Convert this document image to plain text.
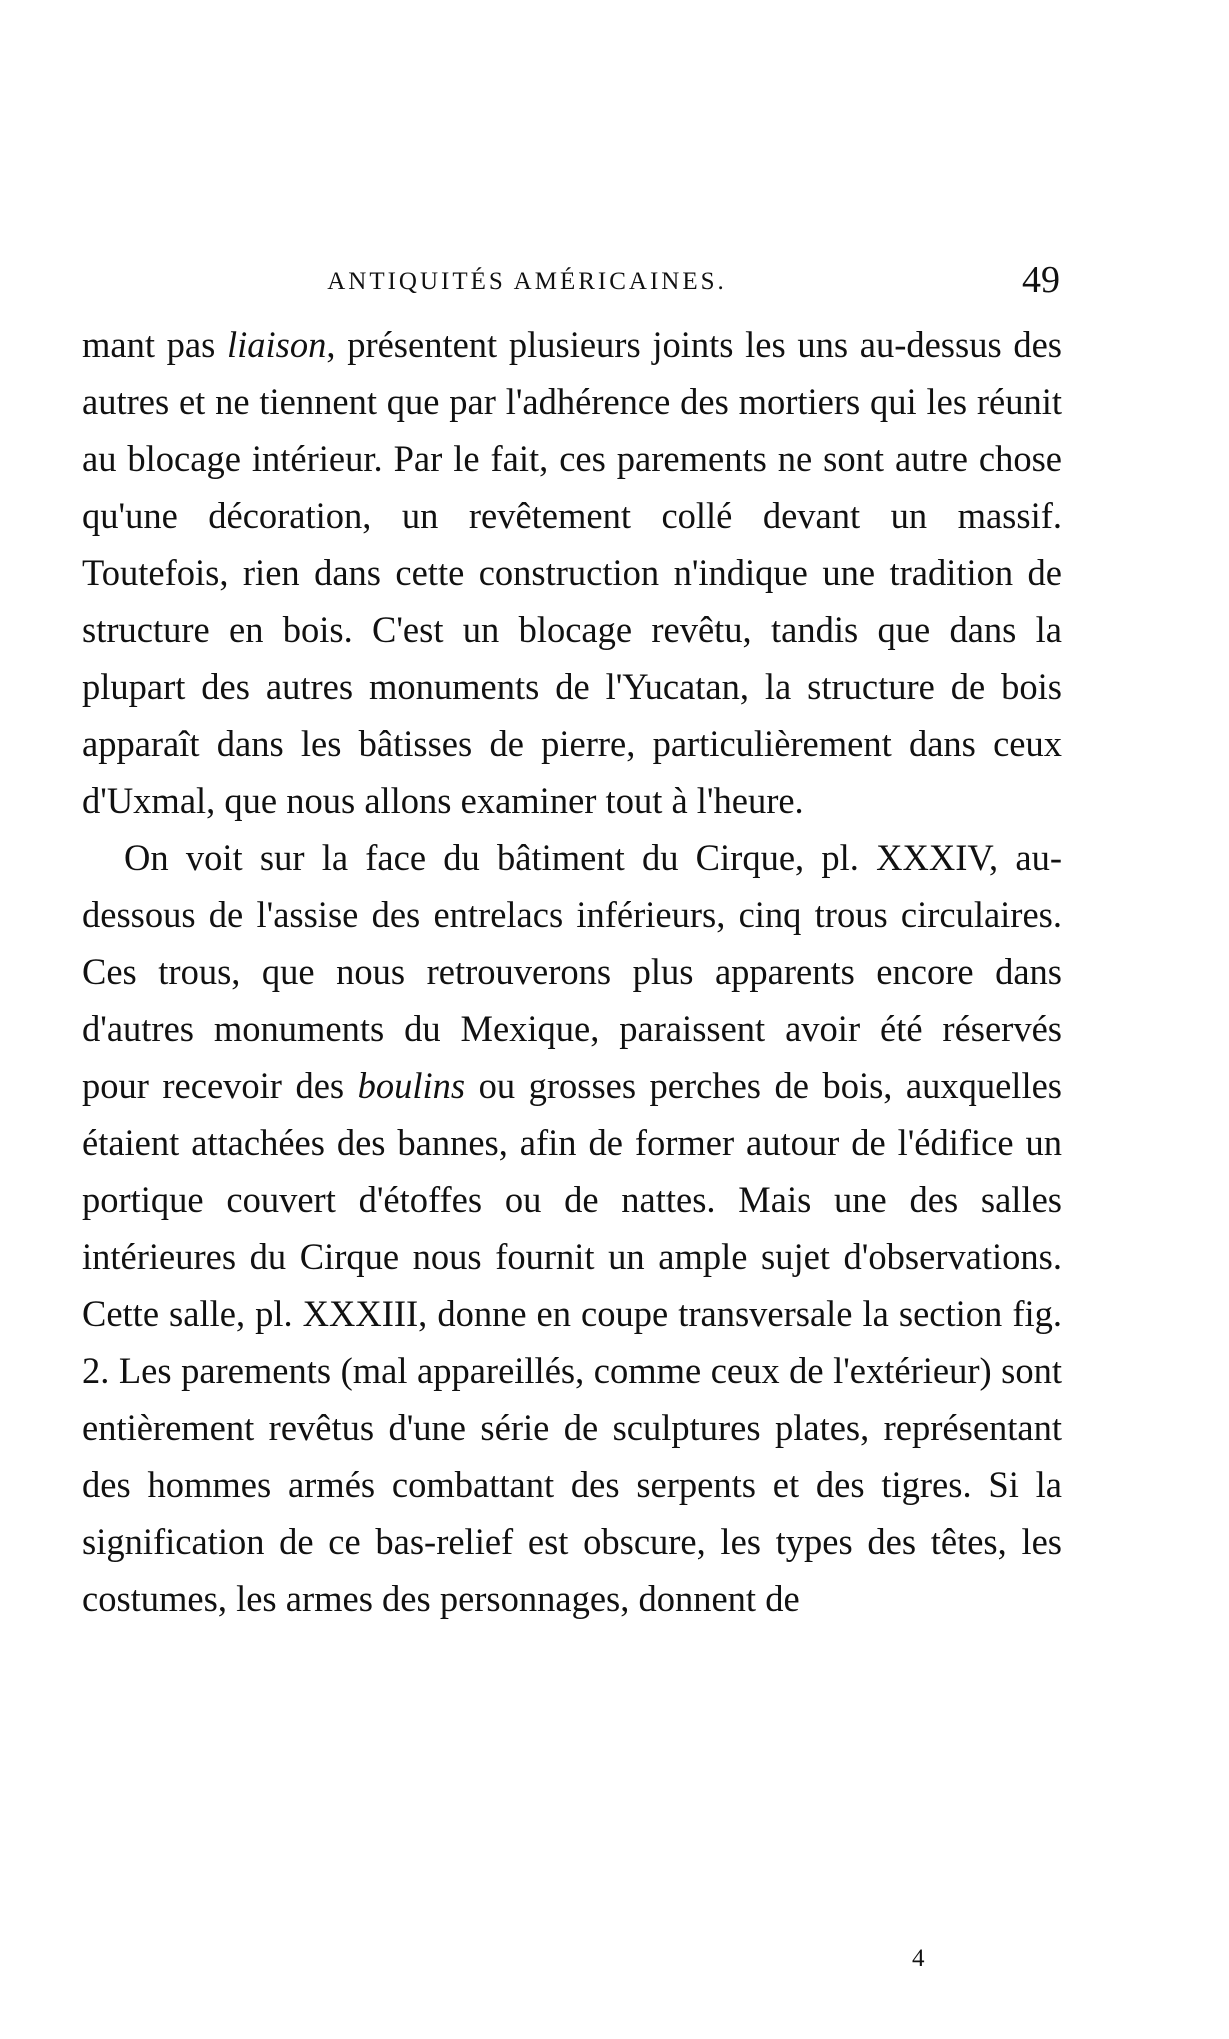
ANTIQUITÉS AMÉRICAINES.	49

mant pas liaison, présentent plusieurs joints les uns au-dessus des autres et ne tiennent que par l'adhérence des mortiers qui les réunit au blocage intérieur. Par le fait, ces parements ne sont autre chose qu'une décoration, un revêtement collé devant un massif. Toutefois, rien dans cette construction n'indique une tradition de structure en bois. C'est un blocage revêtu, tandis que dans la plupart des autres monuments de l'Yucatan, la structure de bois apparaît dans les bâtisses de pierre, particulièrement dans ceux d'Uxmal, que nous allons examiner tout à l'heure.

On voit sur la face du bâtiment du Cirque, pl. XXXIV, au-dessous de l'assise des entrelacs inférieurs, cinq trous circulaires. Ces trous, que nous retrouverons plus apparents encore dans d'autres monuments du Mexique, paraissent avoir été réservés pour recevoir des boulins ou grosses perches de bois, auxquelles étaient attachées des bannes, afin de former autour de l'édifice un portique couvert d'étoffes ou de nattes. Mais une des salles intérieures du Cirque nous fournit un ample sujet d'observations. Cette salle, pl. XXXIII, donne en coupe transversale la section fig. 2. Les parements (mal appareillés, comme ceux de l'extérieur) sont entièrement revêtus d'une série de sculptures plates, représentant des hommes armés combattant des serpents et des tigres. Si la signification de ce bas-relief est obscure, les types des têtes, les costumes, les armes des personnages, donnent de

4
